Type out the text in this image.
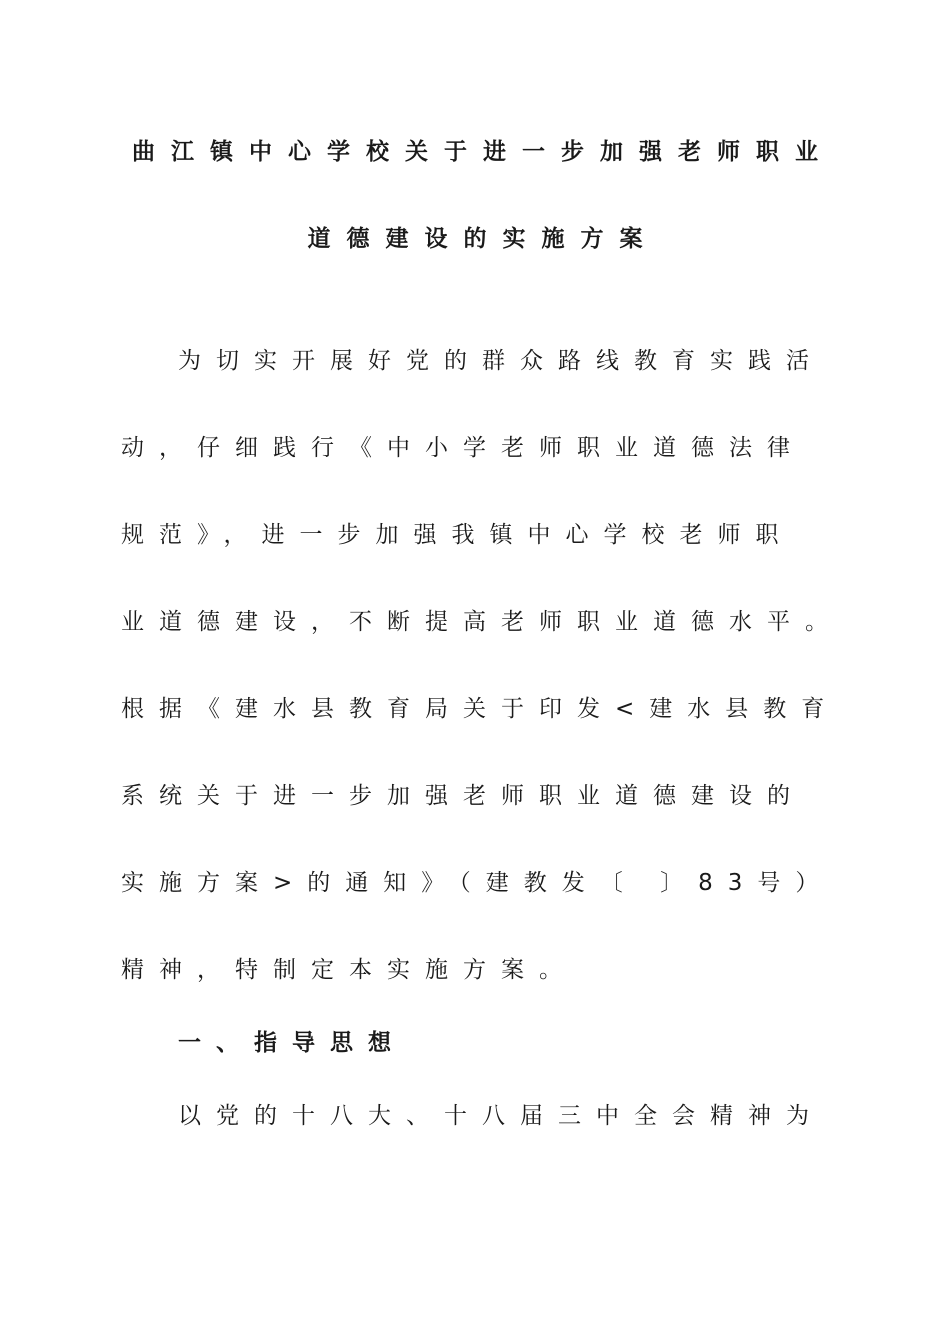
曲江镇中心学校关于进一步加强老师职业
道德建设的实施方案

为切实开展好党的群众路线教育实践活

动，仔细践行《中小学老师职业道德法律

规范》，进一步加强我镇中心学校老师职

业道德建设，不断提高老师职业道德水平。

根据《建水县教育局关于印发<建水县教育

系统关于进一步加强老师职业道德建设的

实施方案>的通知》（建教发〔 〕83号）

精神，特制定本实施方案。

一、指导思想

以党的十八大、十八届三中全会精神为
